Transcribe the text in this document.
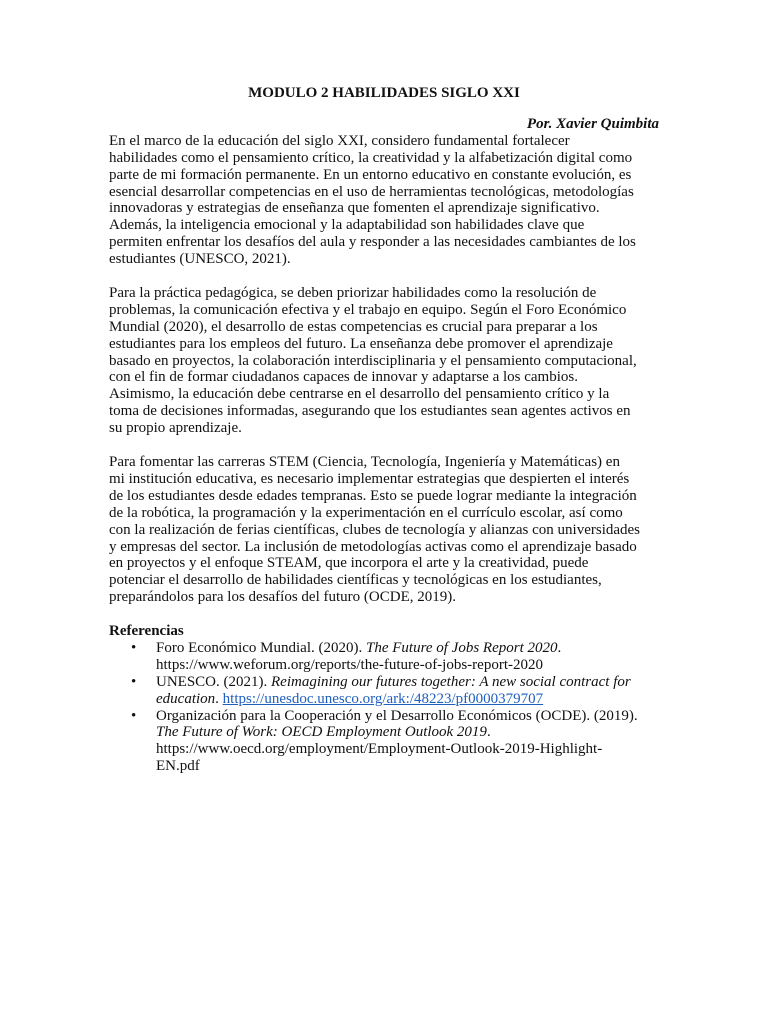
MODULO 2 HABILIDADES SIGLO XXI
Por. Xavier Quimbita
En el marco de la educación del siglo XXI, considero fundamental fortalecer
habilidades como el pensamiento crítico, la creatividad y la alfabetización digital como
parte de mi formación permanente. En un entorno educativo en constante evolución, es
esencial desarrollar competencias en el uso de herramientas tecnológicas, metodologías
innovadoras y estrategias de enseñanza que fomenten el aprendizaje significativo.
Además, la inteligencia emocional y la adaptabilidad son habilidades clave que
permiten enfrentar los desafíos del aula y responder a las necesidades cambiantes de los
estudiantes (UNESCO, 2021).
Para la práctica pedagógica, se deben priorizar habilidades como la resolución de
problemas, la comunicación efectiva y el trabajo en equipo. Según el Foro Económico
Mundial (2020), el desarrollo de estas competencias es crucial para preparar a los
estudiantes para los empleos del futuro. La enseñanza debe promover el aprendizaje
basado en proyectos, la colaboración interdisciplinaria y el pensamiento computacional,
con el fin de formar ciudadanos capaces de innovar y adaptarse a los cambios.
Asimismo, la educación debe centrarse en el desarrollo del pensamiento crítico y la
toma de decisiones informadas, asegurando que los estudiantes sean agentes activos en
su propio aprendizaje.
Para fomentar las carreras STEM (Ciencia, Tecnología, Ingeniería y Matemáticas) en
mi institución educativa, es necesario implementar estrategias que despierten el interés
de los estudiantes desde edades tempranas. Esto se puede lograr mediante la integración
de la robótica, la programación y la experimentación en el currículo escolar, así como
con la realización de ferias científicas, clubes de tecnología y alianzas con universidades
y empresas del sector. La inclusión de metodologías activas como el aprendizaje basado
en proyectos y el enfoque STEAM, que incorpora el arte y la creatividad, puede
potenciar el desarrollo de habilidades científicas y tecnológicas en los estudiantes,
preparándolos para los desafíos del futuro (OCDE, 2019).
Referencias
• Foro Económico Mundial. (2020). The Future of Jobs Report 2020.
https://www.weforum.org/reports/the-future-of-jobs-report-2020
• UNESCO. (2021). Reimagining our futures together: A new social contract for
education. https://unesdoc.unesco.org/ark:/48223/pf0000379707
• Organización para la Cooperación y el Desarrollo Económicos (OCDE). (2019).
The Future of Work: OECD Employment Outlook 2019.
https://www.oecd.org/employment/Employment-Outlook-2019-Highlight-
EN.pdf
